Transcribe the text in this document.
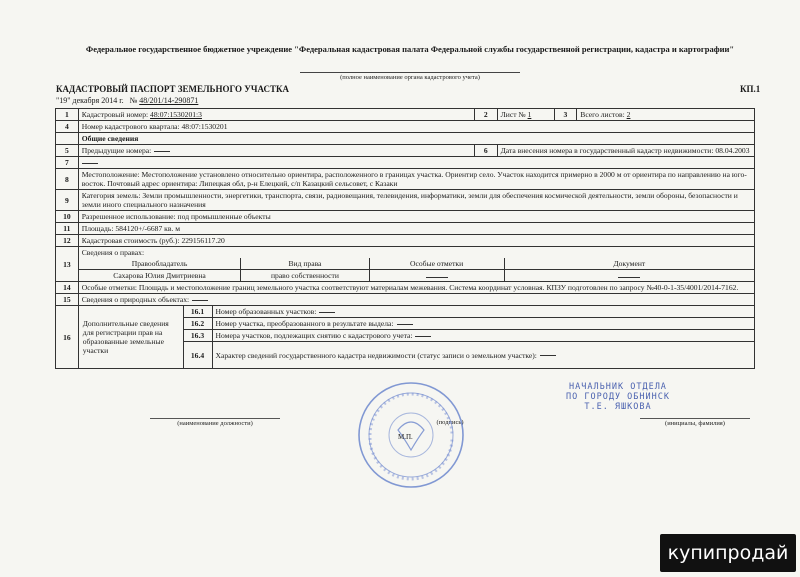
Федеральное государственное бюджетное учреждение "Федеральная кадастровая палата Федеральной службы государственной регистрации, кадастра и картографии"
(полное наименование органа кадастрового учета)
КАДАСТРОВЫЙ ПАСПОРТ ЗЕМЕЛЬНОГО УЧАСТКА	КП.1
"19" декабря 2014 г. № 48/201/14-290871
1	Кадастровый номер: 48:07:1530201:3	2	Лист № 1	3	Всего листов: 2
4	Номер кадастрового квартала: 48:07:1530201
	Общие сведения
5	Предыдущие номера:	6	Дата внесения номера в государственный кадастр недвижимости: 08.04.2003
7	
8	Местоположение: Местоположение установлено относительно ориентира, расположенного в границах участка. Ориентир село. Участок находится примерно в 2000 м от ориентира по направлению на юго-восток. Почтовый адрес ориентира: Липецкая обл, р-н Елецкий, с/п Казацкий сельсовет, с Казаки
9	Категория земель: Земли промышленности, энергетики, транспорта, связи, радиовещания, телевидения, информатики, земли для обеспечения космической деятельности, земли обороны, безопасности и земли иного специального назначения
10	Разрешенное использование: под промышленные объекты
11	Площадь: 584120+/-6687 кв. м
12	Кадастровая стоимость (руб.): 229156117.20
13	
Сведения о правах:
Правообладатель	Вид права	Особые отметки	Документ
Сахарова Юлия Дмитриевна	право собственности		

14	Особые отметки: Площадь и местоположение границ земельного участка соответствуют материалам межевания. Система координат условная. КПЗУ подготовлен по запросу №40-0-1-35/4001/2014-7162.
15	Сведения о природных объектах:
16	Дополнительные сведения для регистрации прав на образованные земельные участки	
16.1	Номер образованных участков:
16.2	Номер участка, преобразованного в результате выдела:
16.3	Номера участков, подлежащих снятию с кадастрового учета:
16.4	Характер сведений государственного кадастра недвижимости (статус записи о земельном участке):
(наименование должности)	(подпись)	(инициалы, фамилия)
М.П.
НАЧАЛЬНИК ОТДЕЛА
ПО ГОРОДУ ОБНИНСК
Т.Е. ЯШКОВА
купипродай
